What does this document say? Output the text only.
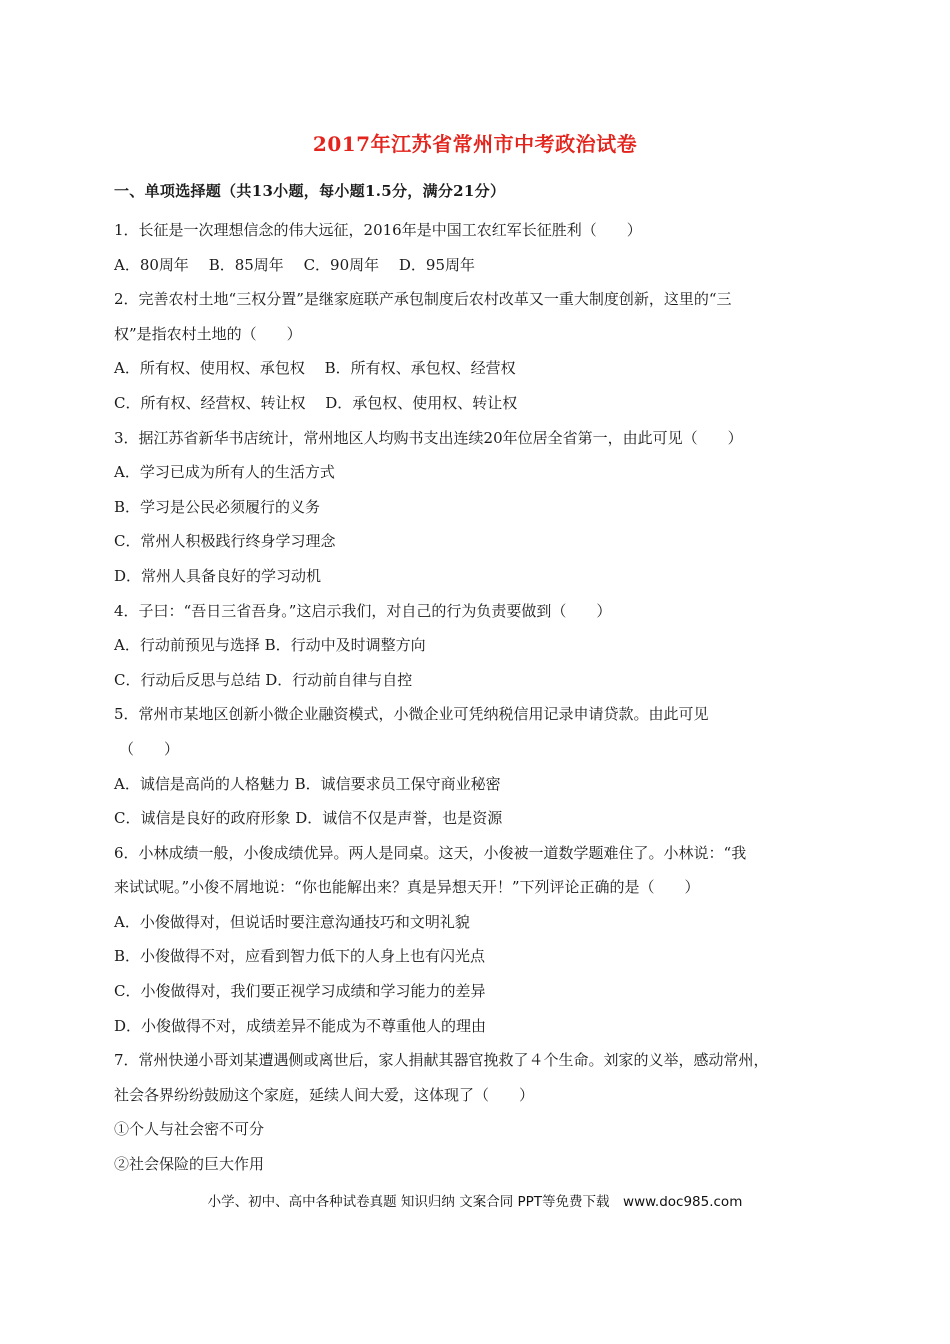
2017年江苏省常州市中考政治试卷
一、单项选择题（共13小题，每小题1.5分，满分21分）
1．长征是一次理想信念的伟大远征，2016年是中国工农红军长征胜利（　　）
A．80周年　 B．85周年　 C．90周年　 D．95周年
2．完善农村土地“三权分置”是继家庭联产承包制度后农村改革又一重大制度创新，这里的“三
权”是指农村土地的（　　）
A．所有权、使用权、承包权　 B．所有权、承包权、经营权
C．所有权、经营权、转让权　 D．承包权、使用权、转让权
3．据江苏省新华书店统计，常州地区人均购书支出连续20年位居全省第一，由此可见（　　）
A．学习已成为所有人的生活方式
B．学习是公民必须履行的义务
C．常州人积极践行终身学习理念
D．常州人具备良好的学习动机
4．子曰：“吾日三省吾身。”这启示我们，对自己的行为负责要做到（　　）
A．行动前预见与选择 B．行动中及时调整方向
C．行动后反思与总结 D．行动前自律与自控
5．常州市某地区创新小微企业融资模式，小微企业可凭纳税信用记录申请贷款。由此可见
（　　）
A．诚信是高尚的人格魅力 B．诚信要求员工保守商业秘密
C．诚信是良好的政府形象 D．诚信不仅是声誉，也是资源
6．小林成绩一般，小俊成绩优异。两人是同桌。这天，小俊被一道数学题难住了。小林说：“我
来试试呢。”小俊不屑地说：“你也能解出来？真是异想天开！”下列评论正确的是（　　）
A．小俊做得对，但说话时要注意沟通技巧和文明礼貌
B．小俊做得不对，应看到智力低下的人身上也有闪光点
C．小俊做得对，我们要正视学习成绩和学习能力的差异
D．小俊做得不对，成绩差异不能成为不尊重他人的理由
7．常州快递小哥刘某遭遇侧或离世后，家人捐献其器官挽救了４个生命。刘家的义举，感动常州，
社会各界纷纷鼓励这个家庭，延续人间大爱，这体现了（　　）
①个人与社会密不可分
②社会保险的巨大作用
小学、初中、高中各种试卷真题 知识归纳 文案合同 PPT等免费下载　www.doc985.com
